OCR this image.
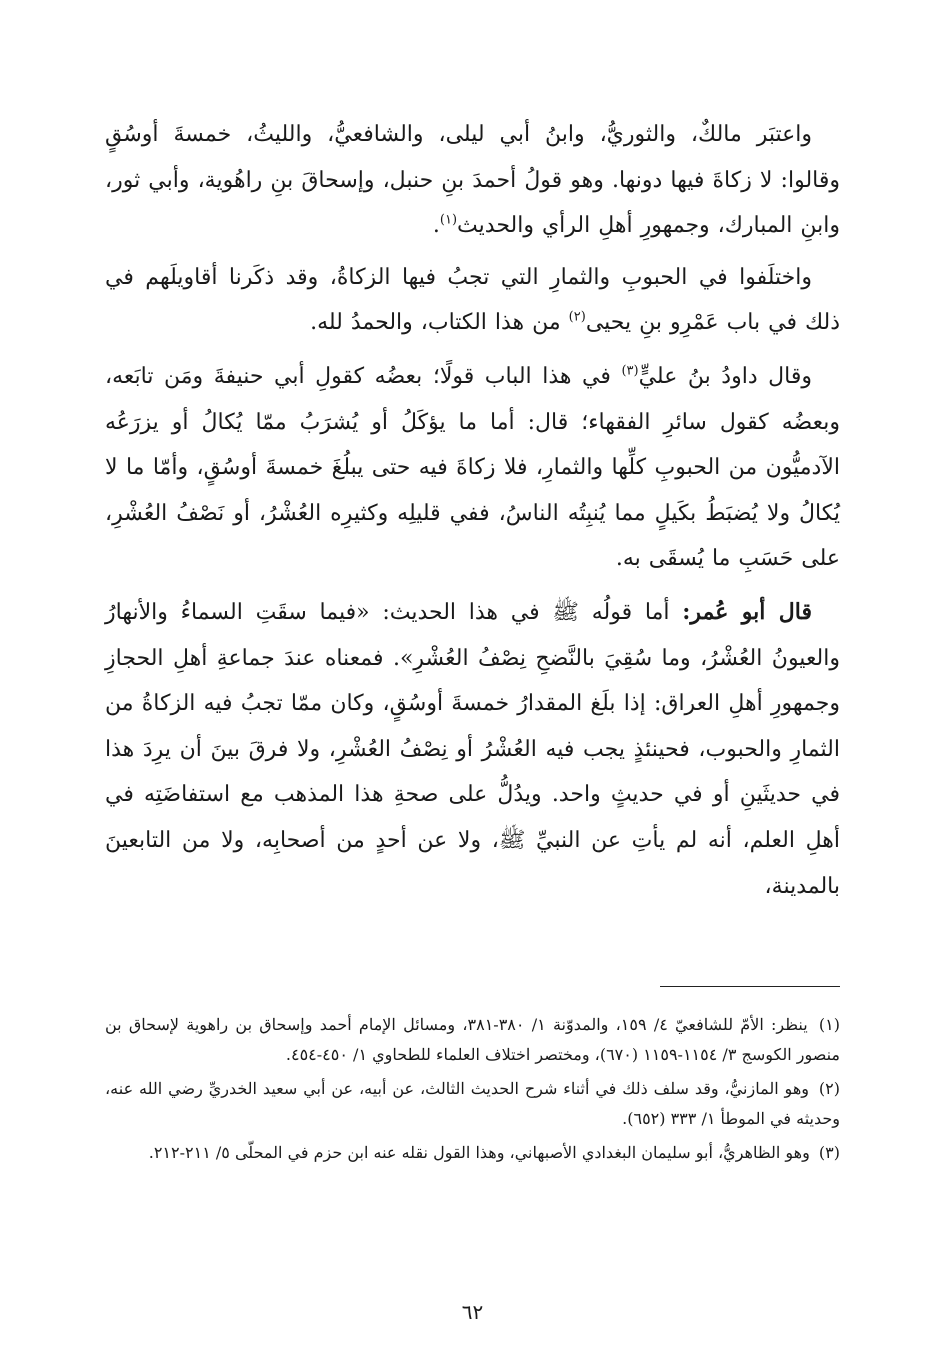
واعتبَر مالكٌ، والثوريُّ، وابنُ أبي ليلى، والشافعيُّ، والليثُ، خمسةَ أوسُقٍ وقالوا: لا زكاةَ فيها دونها. وهو قولُ أحمدَ بنِ حنبل، وإسحاقَ بنِ راهُوية، وأبي ثور، وابنِ المبارك، وجمهورِ أهلِ الرأي والحديث$^{(١)}$.

واختلَفوا في الحبوبِ والثمارِ التي تجبُ فيها الزكاةُ، وقد ذكَرنا أقاويلَهم في ذلك في باب عَمْرِو بنِ يحيى$^{(٢)}$ من هذا الكتاب، والحمدُ لله.

وقال داودُ بنُ عليٍّ$^{(٣)}$ في هذا الباب قولًا؛ بعضُه كقولِ أبي حنيفةَ ومَن تابَعه، وبعضُه كقول سائرِ الفقهاء؛ قال: أما ما يؤكَلُ أو يُشرَبُ ممّا يُكالُ أو يزرَعُه الآدميُّون من الحبوبِ كلِّها والثمارِ، فلا زكاةَ فيه حتى يبلُغَ خمسةَ أوسُقٍ، وأمّا ما لا يُكالُ ولا يُضبَطُ بكَيلٍ مما يُنبِتُه الناسُ، ففي قليلِه وكثيرِه العُشْرُ، أو نَصْفُ العُشْرِ، على حَسَبِ ما يُسقَى به.

قال أبو عُمر: أما قولُه ﷺ في هذا الحديث: «فيما سقَتِ السماءُ والأنهارُ والعيونُ العُشْرُ، وما سُقِيَ بالنَّضحِ نِصْفُ العُشْرِ». فمعناه عندَ جماعةِ أهلِ الحجازِ وجمهورِ أهلِ العراق: إذا بلَغ المقدارُ خمسةَ أوسُقٍ، وكان ممّا تجبُ فيه الزكاةُ من الثمارِ والحبوب، فحينئذٍ يجب فيه العُشْرُ أو نِصْفُ العُشْرِ، ولا فرقَ بينَ أن يرِدَ هذا في حديثَينِ أو في حديثٍ واحد. ويدُلُّ على صحةِ هذا المذهب مع استفاضَتِه في أهلِ العلم، أنه لم يأتِ عن النبيِّ ﷺ، ولا عن أحدٍ من أصحابِه، ولا من التابعينَ بالمدينة،

(١) ينظر: الأمّ للشافعيّ ٤/ ١٥٩، والمدوّنة ١/ ٣٨٠-٣٨١، ومسائل الإمام أحمد وإسحاق بن راهوية لإسحاق بن منصور الكوسج ٣/ ١١٥٤-١١٥٩ (٦٧٠)، ومختصر اختلاف العلماء للطحاوي ١/ ٤٥٠-٤٥٤.

(٢) وهو المازنيُّ، وقد سلف ذلك في أثناء شرح الحديث الثالث، عن أبيه، عن أبي سعيد الخدريِّ رضي الله عنه، وحديثه في الموطأ ١/ ٣٣٣ (٦٥٢).

(٣) وهو الظاهريُّ، أبو سليمان البغدادي الأصبهاني، وهذا القول نقله عنه ابن حزم في المحلّى ٥/ ٢١١-٢١٢.

٦٢
